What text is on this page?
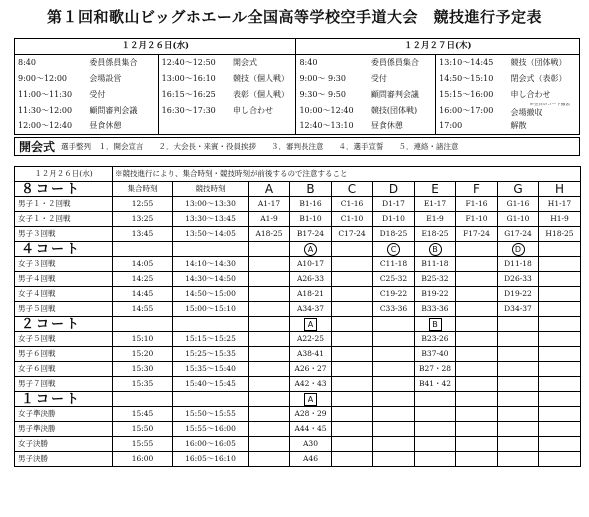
第１回和歌山ビッグホエール全国高等学校空手道大会　競技進行予定表
１２月２６日(水)				１２月２７日(木)			
8:40	委員係員集合	12:40～12:50	開会式	8:40	委員係員集合	13:10～14:45	競技（団体戦）
9:00～12:00	会場設営	13:00～16:10	競技（個人戦）	9:00～ 9:30	受付	14:50～15:10	閉会式（表彰）
11:00～11:30	受付	16:15～16:25	表彰（個人戦）	9:30～ 9:50	顧問審判会議	15:15～16:00	申し合わせ
11:30～12:00	顧問審判会議	16:30～17:30	申し合わせ	10:00～12:40	競技(団体戦)	16:00～17:00	会場撤収
※翌日のコート撤去

12:00～12:40	昼食休憩			12:40～13:10	昼食休憩	17:00	解散
開会式 選手整列　１．開会宣言　　２．大会長・来賓・役員挨拶　　３．審判長注意　　４．選手宣誓　　５．連絡・諸注意
１２月２６日(水)	※競技進行により、集合時刻・競技時刻が前後するので注意すること									
８コート	集合時刻	競技時刻	A	B	C	D	E	F	G	H
男子１・２回戦	12:55	13:00～13:30	A1-17	B1-16	C1-16	D1-17	E1-17	F1-16	G1-16	H1-17
女子１・２回戦	13:25	13:30～13:45	A1-9	B1-10	C1-10	D1-10	E1-9	F1-10	G1-10	H1-9
男子３回戦	13:45	13:50～14:05	A18-25	B17-24	C17-24	D18-25	E18-25	F17-24	G17-24	H18-25
４コート				A		C	B		D	
女子３回戦	14:05	14:10～14:30		A10-17		C11-18	B11-18		D11-18	
男子４回戦	14:25	14:30～14:50		A26-33		C25-32	B25-32		D26-33	
女子４回戦	14:45	14:50～15:00		A18-21		C19-22	B19-22		D19-22	
男子５回戦	14:55	15:00～15:10		A34-37		C33-36	B33-36		D34-37	
２コート				A			B			
女子５回戦	15:10	15:15～15:25		A22-25			B23-26			
男子６回戦	15:20	15:25～15:35		A38-41			B37-40			
女子６回戦	15:30	15:35～15:40		A26・27			B27・28			
男子７回戦	15:35	15:40～15:45		A42・43			B41・42			
１コート				A						
女子準決勝	15:45	15:50～15:55		A28・29						
男子準決勝	15:50	15:55～16:00		A44・45						
女子決勝	15:55	16:00～16:05		A30						
男子決勝	16:00	16:05～16:10		A46						
